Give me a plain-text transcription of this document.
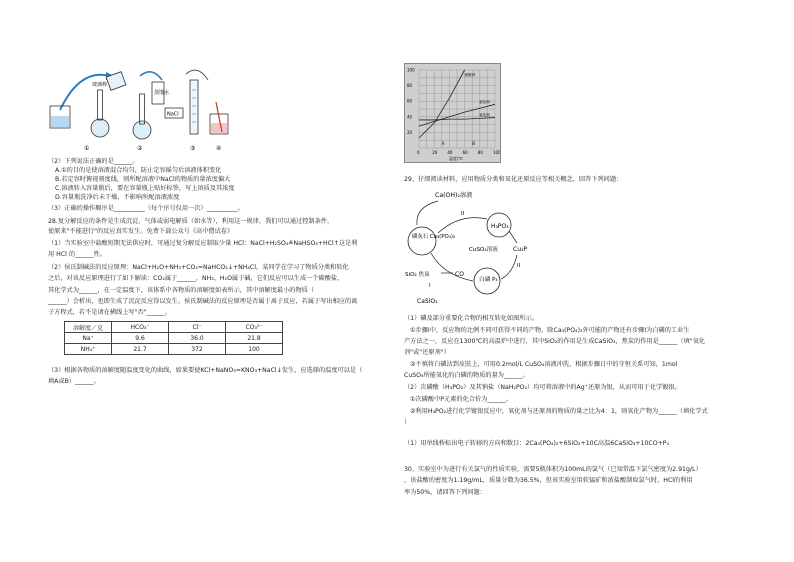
①	②	③	④
玻璃棒
蒸馏水
NaCl
（2）下列说法正确的是______。
A.①的目的是使溶液混合均匀，防止定容摇匀后溶液体积变化
B.若定容时俯视刻度线，则所配溶液中NaCl的物质的量浓度偏大
C.溶液转入容量瓶后，要在容量瓶上贴好标签，写上溶质及其浓度
D.容量瓶洗净后未干燥，不影响所配溶液浓度
（3）正确的操作顺序是__________（每个序号仅用一次）__________。
28.复分解反应的条件是生成沉淀、气体或弱电解质（如水等），利用这一规律，我们可以通过控制条件，
使原来"不能进行"的反应真实发生。免费下载公众号《高中僧试卷》
（1）当实验室中盐酸短期无法供应时，可通过复分解反应制取少量 HCl：NaCl+H₂SO₄≜NaHSO₄+HCl↑这是利
用 HCl 的______性。
（2）侯氏制碱法的反应原理：NaCl+H₂O+NH₃+CO₂=NaHCO₃↓+NH₄Cl，某同学在学习了物质分类和转化
之后，对该反应原理进行了如下解读：CO₂属于______，NH₃、H₂O属于碱，它们反应可以生成一个碳酸盐，
其化学式为______，在一定温度下，该体系中各物质的溶解度如表所示，其中溶解度最小的物质（
______）会析出，也即生成了沉淀反应得以发生。侯氏制碱法的反应原理是否属于离子反应，若属于写出相应的离
子方程式，若不是请在横线上写"否"______。
溶解度／克	HCO₃⁻	Cl⁻	CO₃²⁻
Na⁺	9.6	36.0	21.8
NH₄⁺	21.7	372	100
（3）根据各物质的溶解度随温度变化的曲线，如果要使KCl+NaNO₃=KNO₃+NaCl↓发生，应选择的温度可以是（
填A或B）______。
0	20	40	60	80	100
100
80
60
40
20
温度/℃
硝酸钾
氯化钾
氯化钠
A	B
29、仔细阅读材料，应用物质分类和氧化还原反应等相关概念，回答下列问题：
Ca(OH)₂溶液
II
磷灰石 Ca₃(PO₄)₂
H₃PO₃
Cu₃P
CuSO₄溶液
白磷 P₄
II
SiO₂ 焦炭	CO
I
CaSiO₃
（1）磷及部分重要化合物的相互转化如图所示。
①步骤I中，反应物的比例不同可获得不同的产物，除Ca₃(PO₄)₂外可能的产物还有步骤I为白磷的工业生
产方法之一，反应在1300℃的高温炉中进行，其中SiO₂的作用是生成CaSiO₃，焦炭的作用是______（填"氧化
剂"或"还原剂"）
②不慎将白磷沾到皮肤上，可用0.2mol/L CuSO₄溶液冲洗，根据步骤日中的守恒关系可知，1mol
CuSO₄所能氧化的白磷的物质的量为______。
（2）次磷酸（H₃PO₂）及其钠盐（NaH₂PO₂）均可将溶液中的Ag⁺还原为银，从而可用于化学镀银。
①次磷酸中P元素的化合价为______。
②利用H₃PO₂进行化学镀银反应中，氧化剂与还原剂的物质的量之比为4：1，则氧化产物为______（填化学式
）
（1）用单线桥标出电子转移的方向和数目：2Ca₃(PO₄)₂+6SiO₂+10C高温6CaSiO₃+10CO+P₄
30、实验室中为进行有关氯气的性质实验，需要5瓶体积为100mL的氯气（已知常温下氯气密度为2.91g/L）
，该盐酸的密度为1.19g/mL，质量分数为36.5%，但该实验室用软锰矿和浓盐酸制取氯气时，HCl的利用
率为50%，请回答下列问题：
